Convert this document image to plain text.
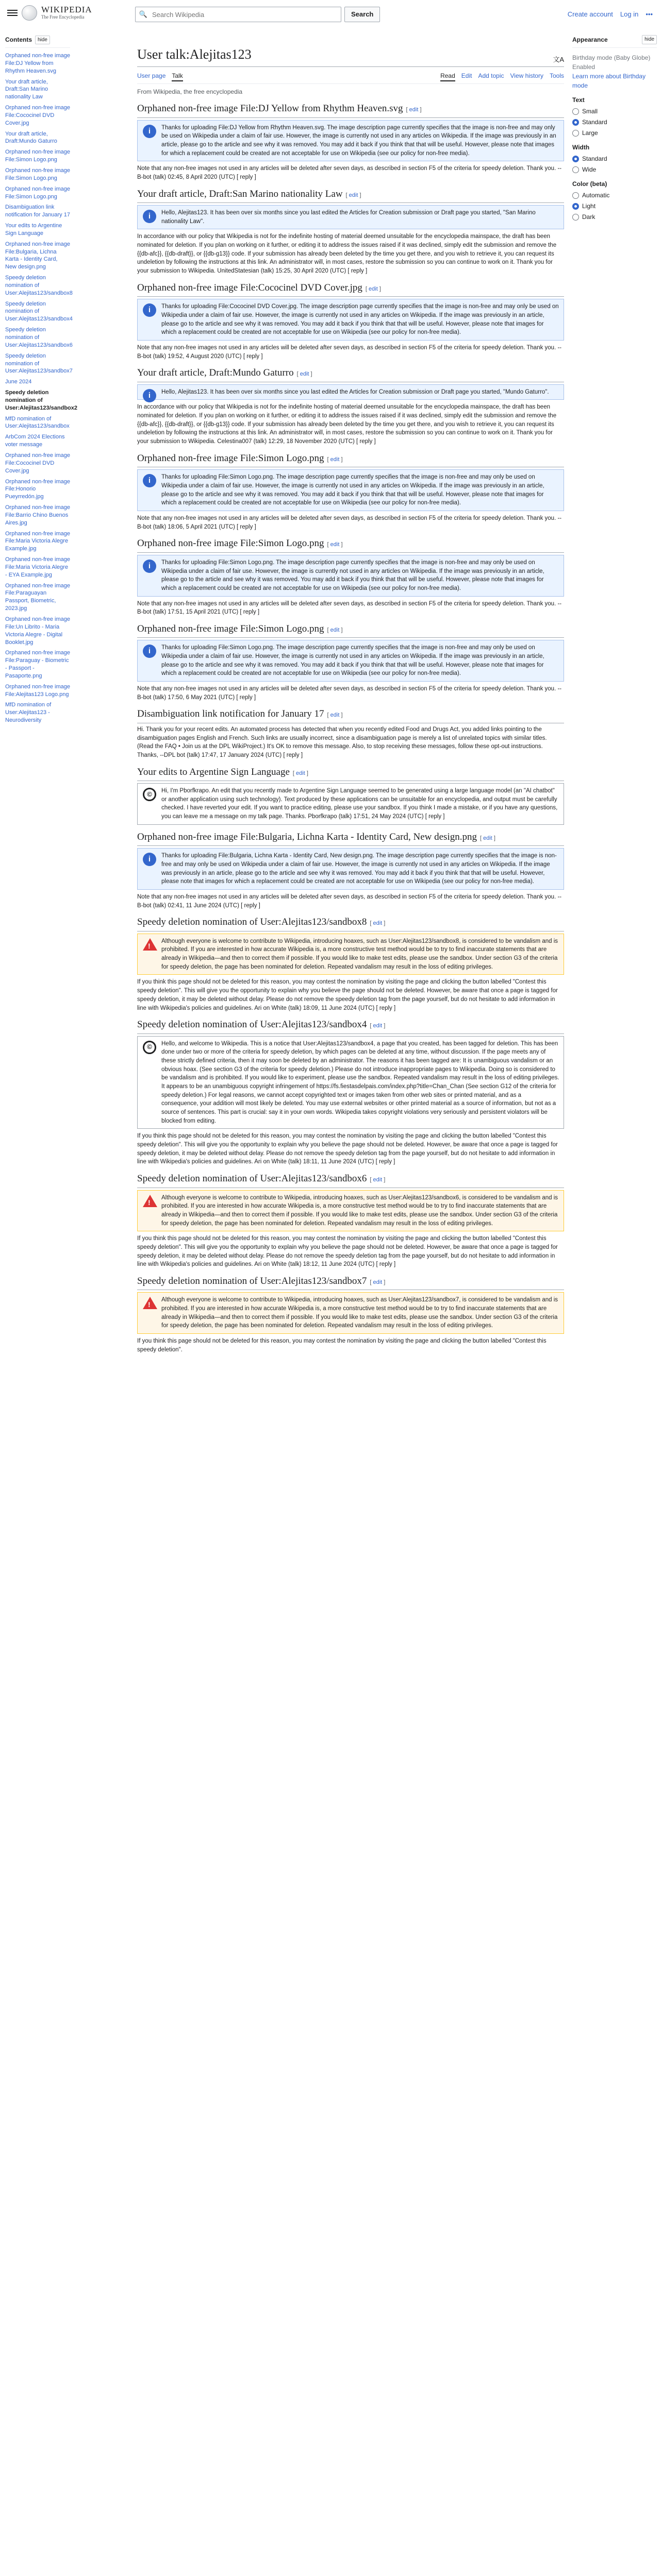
WIKIPEDIA
The Free Encyclopedia	🔍
Search Wikipedia	Search	Create account Log in •••
Contents	hide
Orphaned non-free image File:DJ Yellow from Rhythm Heaven.svg
Your draft article, Draft:San Marino nationality Law
Orphaned non-free image File:Cococinel DVD Cover.jpg
Your draft article, Draft:Mundo Gaturro
Orphaned non-free image File:Simon Logo.png
Orphaned non-free image File:Simon Logo.png
Orphaned non-free image File:Simon Logo.png
Disambiguation link notification for January 17
Your edits to Argentine Sign Language
Orphaned non-free image File:Bulgaria, Lichna Karta - Identity Card, New design.png
Speedy deletion nomination of User:Alejitas123/sandbox8
Speedy deletion nomination of User:Alejitas123/sandbox4
Speedy deletion nomination of User:Alejitas123/sandbox6
Speedy deletion nomination of User:Alejitas123/sandbox7
June 2024
Speedy deletion nomination of User:Alejitas123/sandbox2
MfD nomination of User:Alejitas123/sandbox
ArbCom 2024 Elections voter message
Orphaned non-free image File:Cococinel DVD Cover.jpg
Orphaned non-free image File:Honorio Pueyrredón.jpg
Orphaned non-free image File:Barrio Chino Buenos Aires.jpg
Orphaned non-free image File:Maria Victoria Alegre Example.jpg
Orphaned non-free image File:Maria Victoria Alegre - EYA Example.jpg
Orphaned non-free image File:Paraguayan Passport, Biometric, 2023.jpg
Orphaned non-free image File:Un Librito - Maria Victoria Alegre - Digital Booklet.jpg
Orphaned non-free image File:Paraguay - Biometric - Passport - Pasaporte.png
Orphaned non-free image File:Alejitas123 Logo.png
MfD nomination of User:Alejitas123 - Neurodiversity
Appearance	hide
Birthday mode (Baby Globe)
Enabled
Learn more about Birthday mode
Text
Small
Standard
Large
Width
Standard
Wide
Color (beta)
Automatic
Light
Dark
User talk:Alejitas123	文A
User page Talk	Read Edit Add topic View history Tools
From Wikipedia, the free encyclopedia
Orphaned non-free image File:DJ Yellow from Rhythm Heaven.svg [ edit ]
i	Thanks for uploading File:DJ Yellow from Rhythm Heaven.svg. The image description page currently specifies that the image is non-free and may only be used on Wikipedia under a claim of fair use. However, the image is currently not used in any articles on Wikipedia. If the image was previously in an article, please go to the article and see why it was removed. You may add it back if you think that that will be useful. However, please note that images for which a replacement could be created are not acceptable for use on Wikipedia (see our policy for non-free media).

Note that any non-free images not used in any articles will be deleted after seven days, as described in section F5 of the criteria for speedy deletion. Thank you. --B-bot (talk) 02:45, 8 April 2020 (UTC) [ reply ]

Your draft article, Draft:San Marino nationality Law [ edit ]
i	Hello, Alejitas123. It has been over six months since you last edited the Articles for Creation submission or Draft page you started, "San Marino nationality Law".

In accordance with our policy that Wikipedia is not for the indefinite hosting of material deemed unsuitable for the encyclopedia mainspace, the draft has been nominated for deletion. If you plan on working on it further, or editing it to address the issues raised if it was declined, simply edit the submission and remove the {{db-afc}}, {{db-draft}}, or {{db-g13}} code. If your submission has already been deleted by the time you get there, and you wish to retrieve it, you can request its undeletion by following the instructions at this link. An administrator will, in most cases, restore the submission so you can continue to work on it. Thank you for your submission to Wikipedia. UnitedStatesian (talk) 15:25, 30 April 2020 (UTC) [ reply ]

Orphaned non-free image File:Cococinel DVD Cover.jpg [ edit ]
i	Thanks for uploading File:Cococinel DVD Cover.jpg. The image description page currently specifies that the image is non-free and may only be used on Wikipedia under a claim of fair use. However, the image is currently not used in any articles on Wikipedia. If the image was previously in an article, please go to the article and see why it was removed. You may add it back if you think that that will be useful. However, please note that images for which a replacement could be created are not acceptable for use on Wikipedia (see our policy for non-free media).

Note that any non-free images not used in any articles will be deleted after seven days, as described in section F5 of the criteria for speedy deletion. Thank you. --B-bot (talk) 19:52, 4 August 2020 (UTC) [ reply ]

Your draft article, Draft:Mundo Gaturro [ edit ]
i	Hello, Alejitas123. It has been over six months since you last edited the Articles for Creation submission or Draft page you started, "Mundo Gaturro".

In accordance with our policy that Wikipedia is not for the indefinite hosting of material deemed unsuitable for the encyclopedia mainspace, the draft has been nominated for deletion. If you plan on working on it further, or editing it to address the issues raised if it was declined, simply edit the submission and remove the {{db-afc}}, {{db-draft}}, or {{db-g13}} code. If your submission has already been deleted by the time you get there, and you wish to retrieve it, you can request its undeletion by following the instructions at this link. An administrator will, in most cases, restore the submission so you can continue to work on it. Thank you for your submission to Wikipedia. Celestina007 (talk) 12:29, 18 November 2020 (UTC) [ reply ]

Orphaned non-free image File:Simon Logo.png [ edit ]
i	Thanks for uploading File:Simon Logo.png. The image description page currently specifies that the image is non-free and may only be used on Wikipedia under a claim of fair use. However, the image is currently not used in any articles on Wikipedia. If the image was previously in an article, please go to the article and see why it was removed. You may add it back if you think that that will be useful. However, please note that images for which a replacement could be created are not acceptable for use on Wikipedia (see our policy for non-free media).

Note that any non-free images not used in any articles will be deleted after seven days, as described in section F5 of the criteria for speedy deletion. Thank you. --B-bot (talk) 18:06, 5 April 2021 (UTC) [ reply ]

Orphaned non-free image File:Simon Logo.png [ edit ]
i	Thanks for uploading File:Simon Logo.png. The image description page currently specifies that the image is non-free and may only be used on Wikipedia under a claim of fair use. However, the image is currently not used in any articles on Wikipedia. If the image was previously in an article, please go to the article and see why it was removed. You may add it back if you think that that will be useful. However, please note that images for which a replacement could be created are not acceptable for use on Wikipedia (see our policy for non-free media).

Note that any non-free images not used in any articles will be deleted after seven days, as described in section F5 of the criteria for speedy deletion. Thank you. --B-bot (talk) 17:51, 15 April 2021 (UTC) [ reply ]

Orphaned non-free image File:Simon Logo.png [ edit ]
i	Thanks for uploading File:Simon Logo.png. The image description page currently specifies that the image is non-free and may only be used on Wikipedia under a claim of fair use. However, the image is currently not used in any articles on Wikipedia. If the image was previously in an article, please go to the article and see why it was removed. You may add it back if you think that that will be useful. However, please note that images for which a replacement could be created are not acceptable for use on Wikipedia (see our policy for non-free media).

Note that any non-free images not used in any articles will be deleted after seven days, as described in section F5 of the criteria for speedy deletion. Thank you. --B-bot (talk) 17:50, 6 May 2021 (UTC) [ reply ]

Disambiguation link notification for January 17 [ edit ]

Hi. Thank you for your recent edits. An automated process has detected that when you recently edited Food and Drugs Act, you added links pointing to the disambiguation pages English and French. Such links are usually incorrect, since a disambiguation page is merely a list of unrelated topics with similar titles. (Read the FAQ • Join us at the DPL WikiProject.) It's OK to remove this message. Also, to stop receiving these messages, follow these opt-out instructions. Thanks, --DPL bot (talk) 17:47, 17 January 2024 (UTC) [ reply ]

Your edits to Argentine Sign Language [ edit ]
©	Hi, I'm Pborfkrapo. An edit that you recently made to Argentine Sign Language seemed to be generated using a large language model (an "AI chatbot" or another application using such technology). Text produced by these applications can be unsuitable for an encyclopedia, and output must be carefully checked. I have reverted your edit. If you want to practice editing, please use your sandbox. If you think I made a mistake, or if you have any questions, you can leave me a message on my talk page. Thanks. Pborfkrapo (talk) 17:51, 24 May 2024 (UTC) [ reply ]
Orphaned non-free image File:Bulgaria, Lichna Karta - Identity Card, New design.png [ edit ]
i	Thanks for uploading File:Bulgaria, Lichna Karta - Identity Card, New design.png. The image description page currently specifies that the image is non-free and may only be used on Wikipedia under a claim of fair use. However, the image is currently not used in any articles on Wikipedia. If the image was previously in an article, please go to the article and see why it was removed. You may add it back if you think that that will be useful. However, please note that images for which a replacement could be created are not acceptable for use on Wikipedia (see our policy for non-free media).

Note that any non-free images not used in any articles will be deleted after seven days, as described in section F5 of the criteria for speedy deletion. Thank you. --B-bot (talk) 02:41, 11 June 2024 (UTC) [ reply ]

Speedy deletion nomination of User:Alejitas123/sandbox8 [ edit ]
!
Although everyone is welcome to contribute to Wikipedia, introducing hoaxes, such as User:Alejitas123/sandbox8, is considered to be vandalism and is prohibited. If you are interested in how accurate Wikipedia is, a more constructive test method would be to try to find inaccurate statements that are already in Wikipedia—and then to correct them if possible. If you would like to make test edits, please use the sandbox. Under section G3 of the criteria for speedy deletion, the page has been nominated for deletion. Repeated vandalism may result in the loss of editing privileges.

If you think this page should not be deleted for this reason, you may contest the nomination by visiting the page and clicking the button labelled "Contest this speedy deletion". This will give you the opportunity to explain why you believe the page should not be deleted. However, be aware that once a page is tagged for speedy deletion, it may be deleted without delay. Please do not remove the speedy deletion tag from the page yourself, but do not hesitate to add information in line with Wikipedia's policies and guidelines. Ari on White (talk) 18:09, 11 June 2024 (UTC) [ reply ]

Speedy deletion nomination of User:Alejitas123/sandbox4 [ edit ]
©	Hello, and welcome to Wikipedia. This is a notice that User:Alejitas123/sandbox4, a page that you created, has been tagged for deletion. This has been done under two or more of the criteria for speedy deletion, by which pages can be deleted at any time, without discussion. If the page meets any of these strictly defined criteria, then it may soon be deleted by an administrator. The reasons it has been tagged are: It is unambiguous vandalism or an obvious hoax. (See section G3 of the criteria for speedy deletion.) Please do not introduce inappropriate pages to Wikipedia. Doing so is considered to be vandalism and is prohibited. If you would like to experiment, please use the sandbox. Repeated vandalism may result in the loss of editing privileges. It appears to be an unambiguous copyright infringement of https://fs.fiestasdelpais.com/index.php?title=Chan_Chan (See section G12 of the criteria for speedy deletion.) For legal reasons, we cannot accept copyrighted text or images taken from other web sites or printed material, and as a consequence, your addition will most likely be deleted. You may use external websites or other printed material as a source of information, but not as a source of sentences. This part is crucial: say it in your own words. Wikipedia takes copyright violations very seriously and persistent violators will be blocked from editing.

If you think this page should not be deleted for this reason, you may contest the nomination by visiting the page and clicking the button labelled "Contest this speedy deletion". This will give you the opportunity to explain why you believe the page should not be deleted. However, be aware that once a page is tagged for speedy deletion, it may be deleted without delay. Please do not remove the speedy deletion tag from the page yourself, but do not hesitate to add information in line with Wikipedia's policies and guidelines. Ari on White (talk) 18:11, 11 June 2024 (UTC) [ reply ]

Speedy deletion nomination of User:Alejitas123/sandbox6 [ edit ]
!
Although everyone is welcome to contribute to Wikipedia, introducing hoaxes, such as User:Alejitas123/sandbox6, is considered to be vandalism and is prohibited. If you are interested in how accurate Wikipedia is, a more constructive test method would be to try to find inaccurate statements that are already in Wikipedia—and then to correct them if possible. If you would like to make test edits, please use the sandbox. Under section G3 of the criteria for speedy deletion, the page has been nominated for deletion. Repeated vandalism may result in the loss of editing privileges.

If you think this page should not be deleted for this reason, you may contest the nomination by visiting the page and clicking the button labelled "Contest this speedy deletion". This will give you the opportunity to explain why you believe the page should not be deleted. However, be aware that once a page is tagged for speedy deletion, it may be deleted without delay. Please do not remove the speedy deletion tag from the page yourself, but do not hesitate to add information in line with Wikipedia's policies and guidelines. Ari on White (talk) 18:12, 11 June 2024 (UTC) [ reply ]

Speedy deletion nomination of User:Alejitas123/sandbox7 [ edit ]
!
Although everyone is welcome to contribute to Wikipedia, introducing hoaxes, such as User:Alejitas123/sandbox7, is considered to be vandalism and is prohibited. If you are interested in how accurate Wikipedia is, a more constructive test method would be to try to find inaccurate statements that are already in Wikipedia—and then to correct them if possible. If you would like to make test edits, please use the sandbox. Under section G3 of the criteria for speedy deletion, the page has been nominated for deletion. Repeated vandalism may result in the loss of editing privileges.

If you think this page should not be deleted for this reason, you may contest the nomination by visiting the page and clicking the button labelled "Contest this speedy deletion".
